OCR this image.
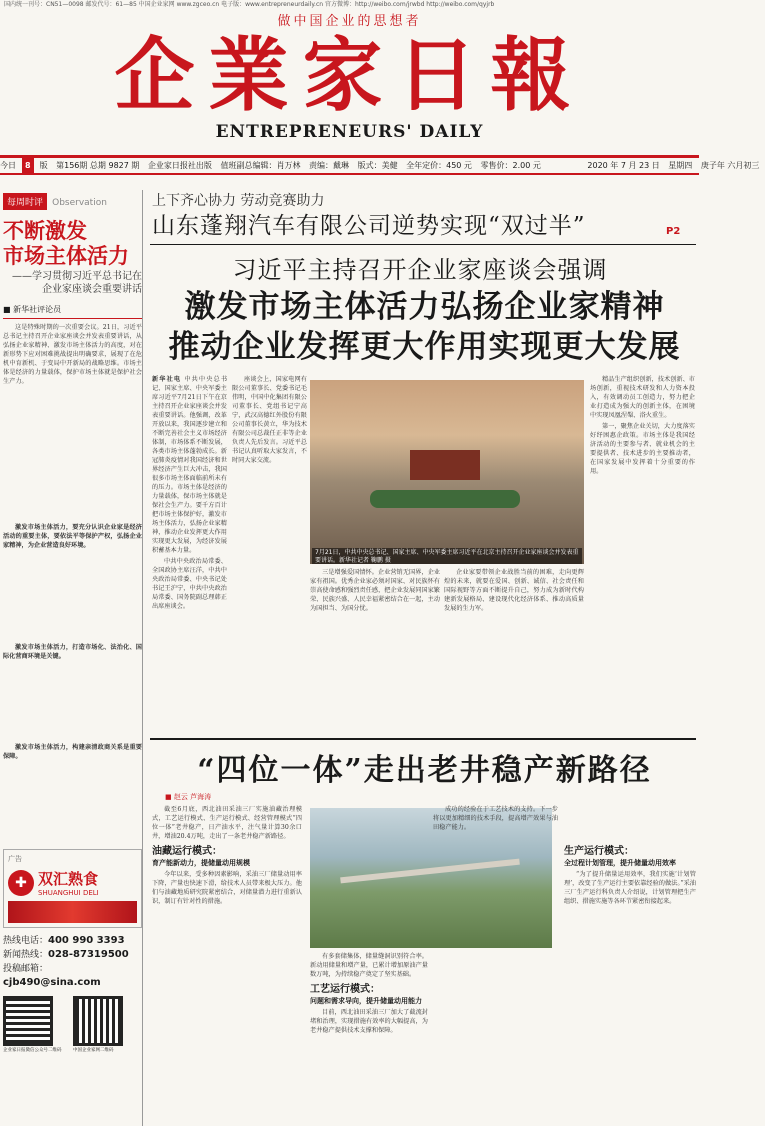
国内统一刊号：CN51—0098 邮发代号：61—85 中国企业家网 www.zgceo.cn 电子版：www.entrepreneurdaily.cn 官方微博：http://weibo.com/jrwbd http://weibo.com/qyjrb
做中国企业的思想者
企業家日報
ENTREPRENEURS' DAILY
今日 8 版 第156期 总期 9827 期 企业家日报社出版 值班副总编辑：肖万林 责编：戴琳 版式：美健 全年定价：450 元 零售价：2.00 元	2020 年 7 月 23 日 星期四 庚子年 六月初三
每周时评 Observation
不断激发
市场主体活力
——学习贯彻习近平总书记在企业家座谈会重要讲话
■ 新华社评论员
这是特殊时期的一次重要会议。21日，习近平总书记主持召开企业家座谈会并发表重要讲话，从弘扬企业家精神、激发市场主体活力的高度，对在新形势下应对困难挑战提出明确要求，展现了在危机中育新机、于变局中开新局的战略思维。市场主体是经济的力量载体，保护市场主体就是保护社会生产力。
激发市场主体活力，要充分认识企业家是经济活动的重要主体，要依法平等保护产权，弘扬企业家精神，为企业营造良好环境。
激发市场主体活力，打造市场化、法治化、国际化营商环境是关键。
激发市场主体活力，构建亲清政商关系是重要保障。
广告
✚ 双汇熟食
SHUANGHUI DELI
热线电话：400 990 3393
新闻热线：028-87319500
投稿邮箱：cjb490@sina.com
企业家日报微信公众号二维码	中国企业家网二维码
上下齐心协力 劳动竞赛助力
山东蓬翔汽车有限公司逆势实现“双过半”	P2
习近平主持召开企业家座谈会强调
激发市场主体活力弘扬企业家精神
推动企业发挥更大作用实现更大发展
新华社电 中共中央总书记、国家主席、中央军委主席习近平7月21日下午在京主持召开企业家座谈会并发表重要讲话。他强调，改革开放以来，我国逐步建立和不断完善社会主义市场经济体制，市场体系不断发展，各类市场主体蓬勃成长。新冠肺炎疫情对我国经济和世界经济产生巨大冲击，我国很多市场主体面临前所未有的压力。市场主体是经济的力量载体，保市场主体就是保社会生产力。要千方百计把市场主体保护好，激发市场主体活力，弘扬企业家精神，推动企业发挥更大作用实现更大发展，为经济发展积蓄基本力量。
中共中央政治局常委、全国政协主席汪洋，中共中央政治局常委、中央书记处书记王沪宁，中共中央政治局常委、国务院副总理韩正出席座谈会。
座谈会上，国家电网有限公司董事长、党委书记毛伟明，中国中化集团有限公司董事长、党组书记宁高宁，武汉高德红外股份有限公司董事长黄立，华为技术有限公司总裁任正非等企业负责人先后发言。习近平总书记认真听取大家发言，不时同大家交流。
7月21日，中共中央总书记、国家主席、中央军委主席习近平在北京主持召开企业家座谈会并发表重要讲话。新华社记者 鞠鹏 摄
三是增强爱国情怀。企业营销无国界，企业家有祖国。优秀企业家必须对国家、对民族怀有崇高使命感和强烈责任感，把企业发展同国家繁荣、民族兴盛、人民幸福紧密结合在一起，主动为国担当、为国分忧。
企业家要带领企业战胜当前的困难，走向更辉煌的未来，就要在爱国、创新、诚信、社会责任和国际视野等方面不断提升自己，努力成为新时代构建新发展格局、建设现代化经济体系、推动高质量发展的生力军。
精品生产组织创新，技术创新、市场创新，重视技术研发和人力资本投入，有效调动员工创造力，努力把企业打造成为强大的创新主体，在困境中实现凤凰涅槃、浴火重生。
第一，聚焦企业关切，大力度落实好纾困惠企政策。市场主体是我国经济活动的主要参与者、就业机会的主要提供者、技术进步的主要推动者，在国家发展中发挥着十分重要的作用。
“四位一体”走出老井稳产新路径
■ 赵云 芦海涛
截至6月底，西北油田采油三厂实施油藏治理模式，工艺运行模式、生产运行模式、经营管理模式“四位一体”老井稳产，日产油水平，注气量计算30余口井，增油20.4万吨，走出了一条老井稳产新路径。
油藏运行模式：
育产能新动力，提储量动用规模
今年以来，受多种因素影响，采油三厂储量动用率下降，产量也快速下滑，给技术人员带来极大压力。他们与油藏地质研究院紧密结合，对储量潜力进行重新认识，制订有针对性的措施。
有多套储集体，储量缝洞识别符合率。新动用储量和增产量，已累计增加原油产量数万吨，为持续稳产奠定了坚实基础。
工艺运行模式：
问题和需求导向，提升储量动用能力
目前，西北油田采油三厂加大了截流封堵和治理，实现措施有效率的大幅提高，为老井稳产提供技术支撑和保障。
成功的经验在于工艺技术的支持。下一步将以更加精细的技术手段，提高增产效果与油田稳产能力。
生产运行模式：
全过程计划管理，提升储量动用效率
“为了提升储量运用效率，我们实施‘计划管理’，改变了生产运行主要依靠经验的做法。”采油三厂生产运行科负责人介绍说，计划管理把生产组织、措施实施等各环节紧密衔接起来。
